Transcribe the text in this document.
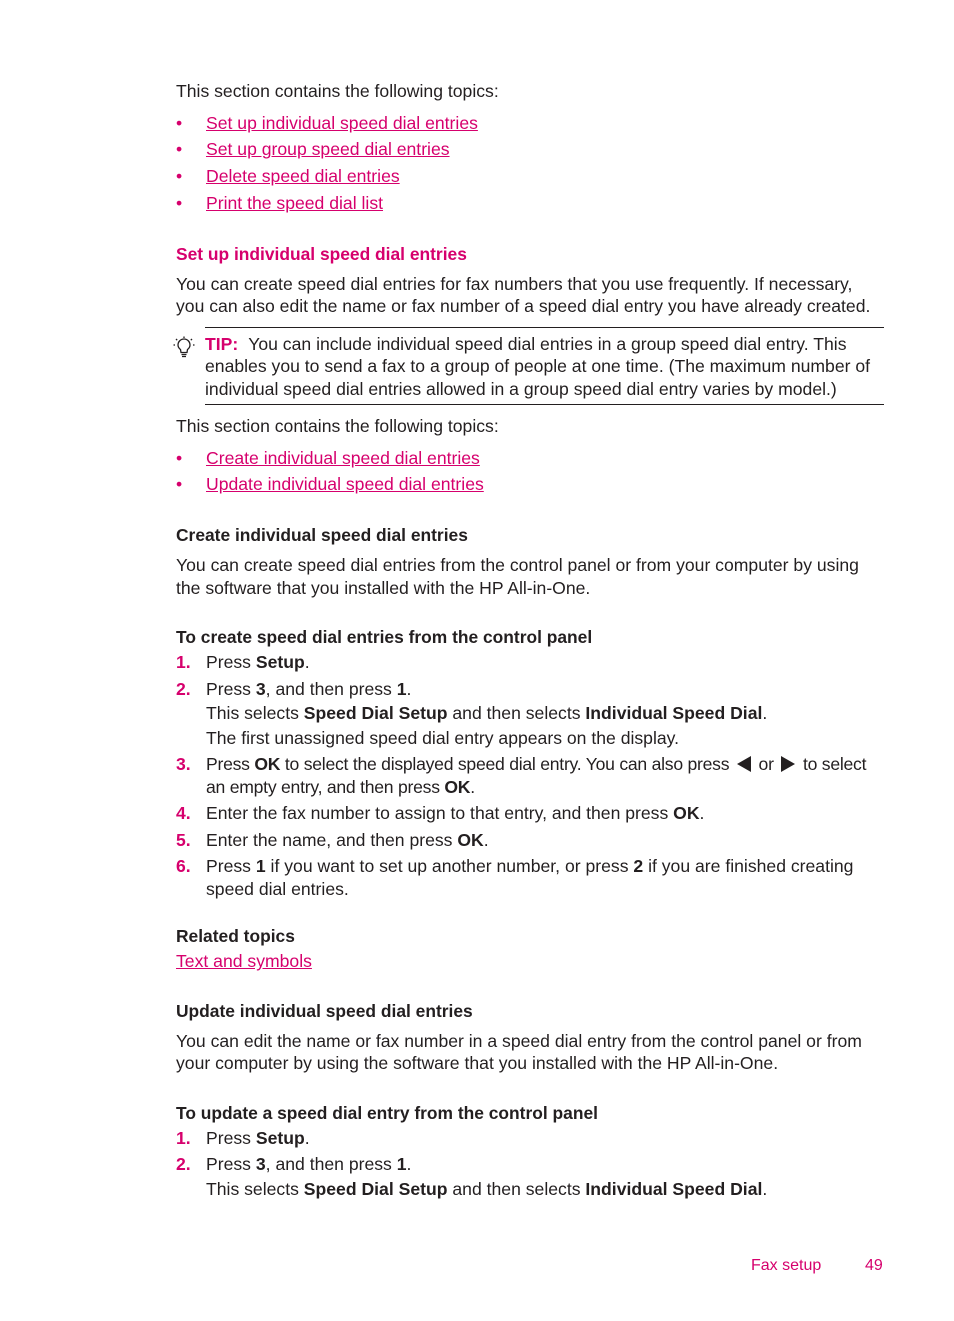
This section contains the following topics:

• Set up individual speed dial entries
• Set up group speed dial entries
• Delete speed dial entries
• Print the speed dial list
Set up individual speed dial entries

You can create speed dial entries for fax numbers that you use frequently. If necessary, you can also edit the name or fax number of a speed dial entry you have already created.

TIP: You can include individual speed dial entries in a group speed dial entry. This enables you to send a fax to a group of people at one time. (The maximum number of individual speed dial entries allowed in a group speed dial entry varies by model.)

This section contains the following topics:

• Create individual speed dial entries
• Update individual speed dial entries
Create individual speed dial entries

You can create speed dial entries from the control panel or from your computer by using the software that you installed with the HP All-in-One.

To create speed dial entries from the control panel
1. Press Setup.

2. Press 3, and then press 1.

This selects Speed Dial Setup and then selects Individual Speed Dial.

The first unassigned speed dial entry appears on the display.

3. Press OK to select the displayed speed dial entry. You can also press  or  to select an empty entry, and then press OK.

4. Enter the fax number to assign to that entry, and then press OK.

5. Enter the name, and then press OK.

6. Press 1 if you want to set up another number, or press 2 if you are finished creating speed dial entries.

Related topics

Text and symbols

Update individual speed dial entries

You can edit the name or fax number in a speed dial entry from the control panel or from your computer by using the software that you installed with the HP All-in-One.

To update a speed dial entry from the control panel
1. Press Setup.

2. Press 3, and then press 1.

This selects Speed Dial Setup and then selects Individual Speed Dial.

Fax setup	49
